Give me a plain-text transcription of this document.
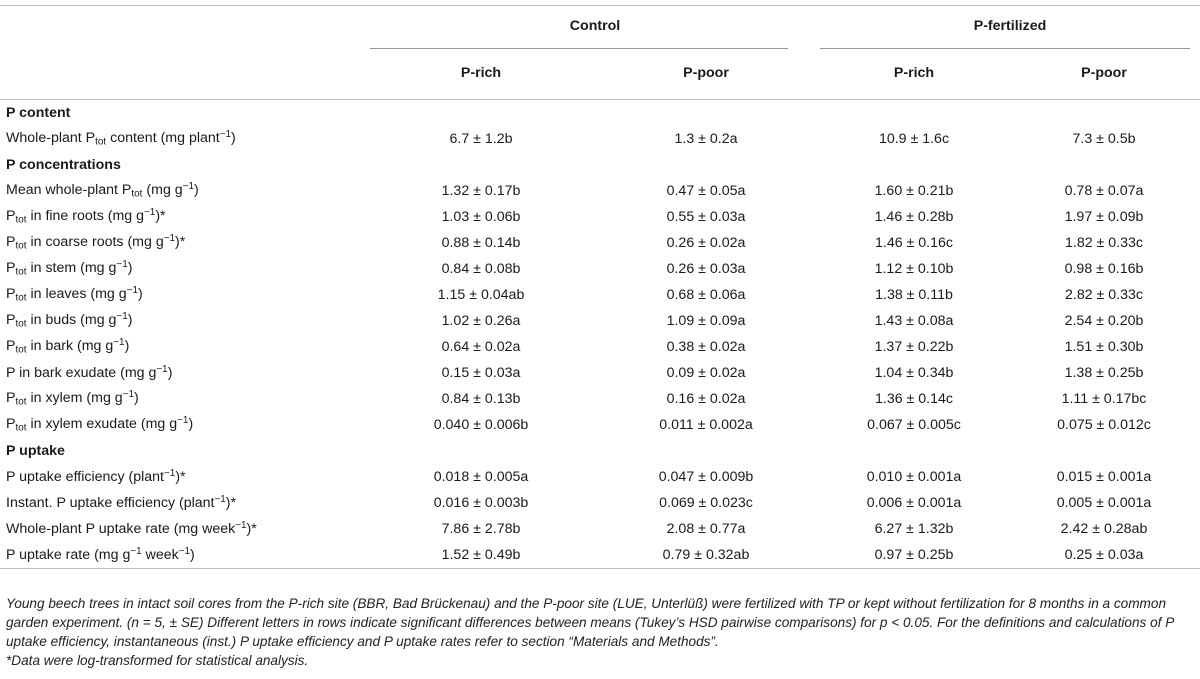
	Control		P-fertilized	
	P-rich	P-poor	P-rich	P-poor
P content				
Whole-plant $P_{tot}$ content (mg plant$^{-1}$)	6.7 ± 1.2b	1.3 ± 0.2a	10.9 ± 1.6c	7.3 ± 0.5b
P concentrations				
Mean whole-plant $P_{tot}$ (mg $g^{-1}$)	1.32 ± 0.17b	0.47 ± 0.05a	1.60 ± 0.21b	0.78 ± 0.07a
$P_{tot}$ in fine roots (mg $g^{-1})*$	1.03 ± 0.06b	0.55 ± 0.03a	1.46 ± 0.28b	1.97 ± 0.09b
$P_{tot}$ in coarse roots (mg $g^{-1})*$	0.88 ± 0.14b	0.26 ± 0.02a	1.46 ± 0.16c	1.82 ± 0.33c
$P_{tot}$ in stem (mg $g^{-1}$)	0.84 ± 0.08b	0.26 ± 0.03a	1.12 ± 0.10b	0.98 ± 0.16b
$P_{tot}$ in leaves (mg $g^{-1}$)	1.15 ± 0.04ab	0.68 ± 0.06a	1.38 ± 0.11b	2.82 ± 0.33c
$P_{tot}$ in buds (mg $g^{-1}$)	1.02 ± 0.26a	1.09 ± 0.09a	1.43 ± 0.08a	2.54 ± 0.20b
$P_{tot}$ in bark (mg $g^{-1}$)	0.64 ± 0.02a	0.38 ± 0.02a	1.37 ± 0.22b	1.51 ± 0.30b
P in bark exudate (mg $g^{-1}$)	0.15 ± 0.03a	0.09 ± 0.02a	1.04 ± 0.34b	1.38 ± 0.25b
$P_{tot}$ in xylem (mg $g^{-1}$)	0.84 ± 0.13b	0.16 ± 0.02a	1.36 ± 0.14c	1.11 ± 0.17bc
$P_{tot}$ in xylem exudate (mg $g^{-1}$)	0.040 ± 0.006b	0.011 ± 0.002a	0.067 ± 0.005c	0.075 ± 0.012c
P uptake				
P uptake efficiency (plant$^{-1}$)*	0.018 ± 0.005a	0.047 ± 0.009b	0.010 ± 0.001a	0.015 ± 0.001a
Instant. P uptake efficiency (plant$^{-1}$)*	0.016 ± 0.003b	0.069 ± 0.023c	0.006 ± 0.001a	0.005 ± 0.001a
Whole-plant P uptake rate (mg week$^{-1}$)*	7.86 ± 2.78b	2.08 ± 0.77a	6.27 ± 1.32b	2.42 ± 0.28ab
P uptake rate (mg $g^{-1}$ week$^{-1}$)	1.52 ± 0.49b	0.79 ± 0.32ab	0.97 ± 0.25b	0.25 ± 0.03a

Young beech trees in intact soil cores from the P-rich site (BBR, Bad Brückenau) and the P-poor site (LUE, Unterlüß) were fertilized with TP or kept without fertilization for 8 months in a common garden experiment. (n = 5, ± SE) Different letters in rows indicate significant differences between means (Tukey’s HSD pairwise comparisons) for p < 0.05. For the definitions and calculations of P uptake efficiency, instantaneous (inst.) P uptake efficiency and P uptake rates refer to section “Materials and Methods”.

*Data were log-transformed for statistical analysis.
